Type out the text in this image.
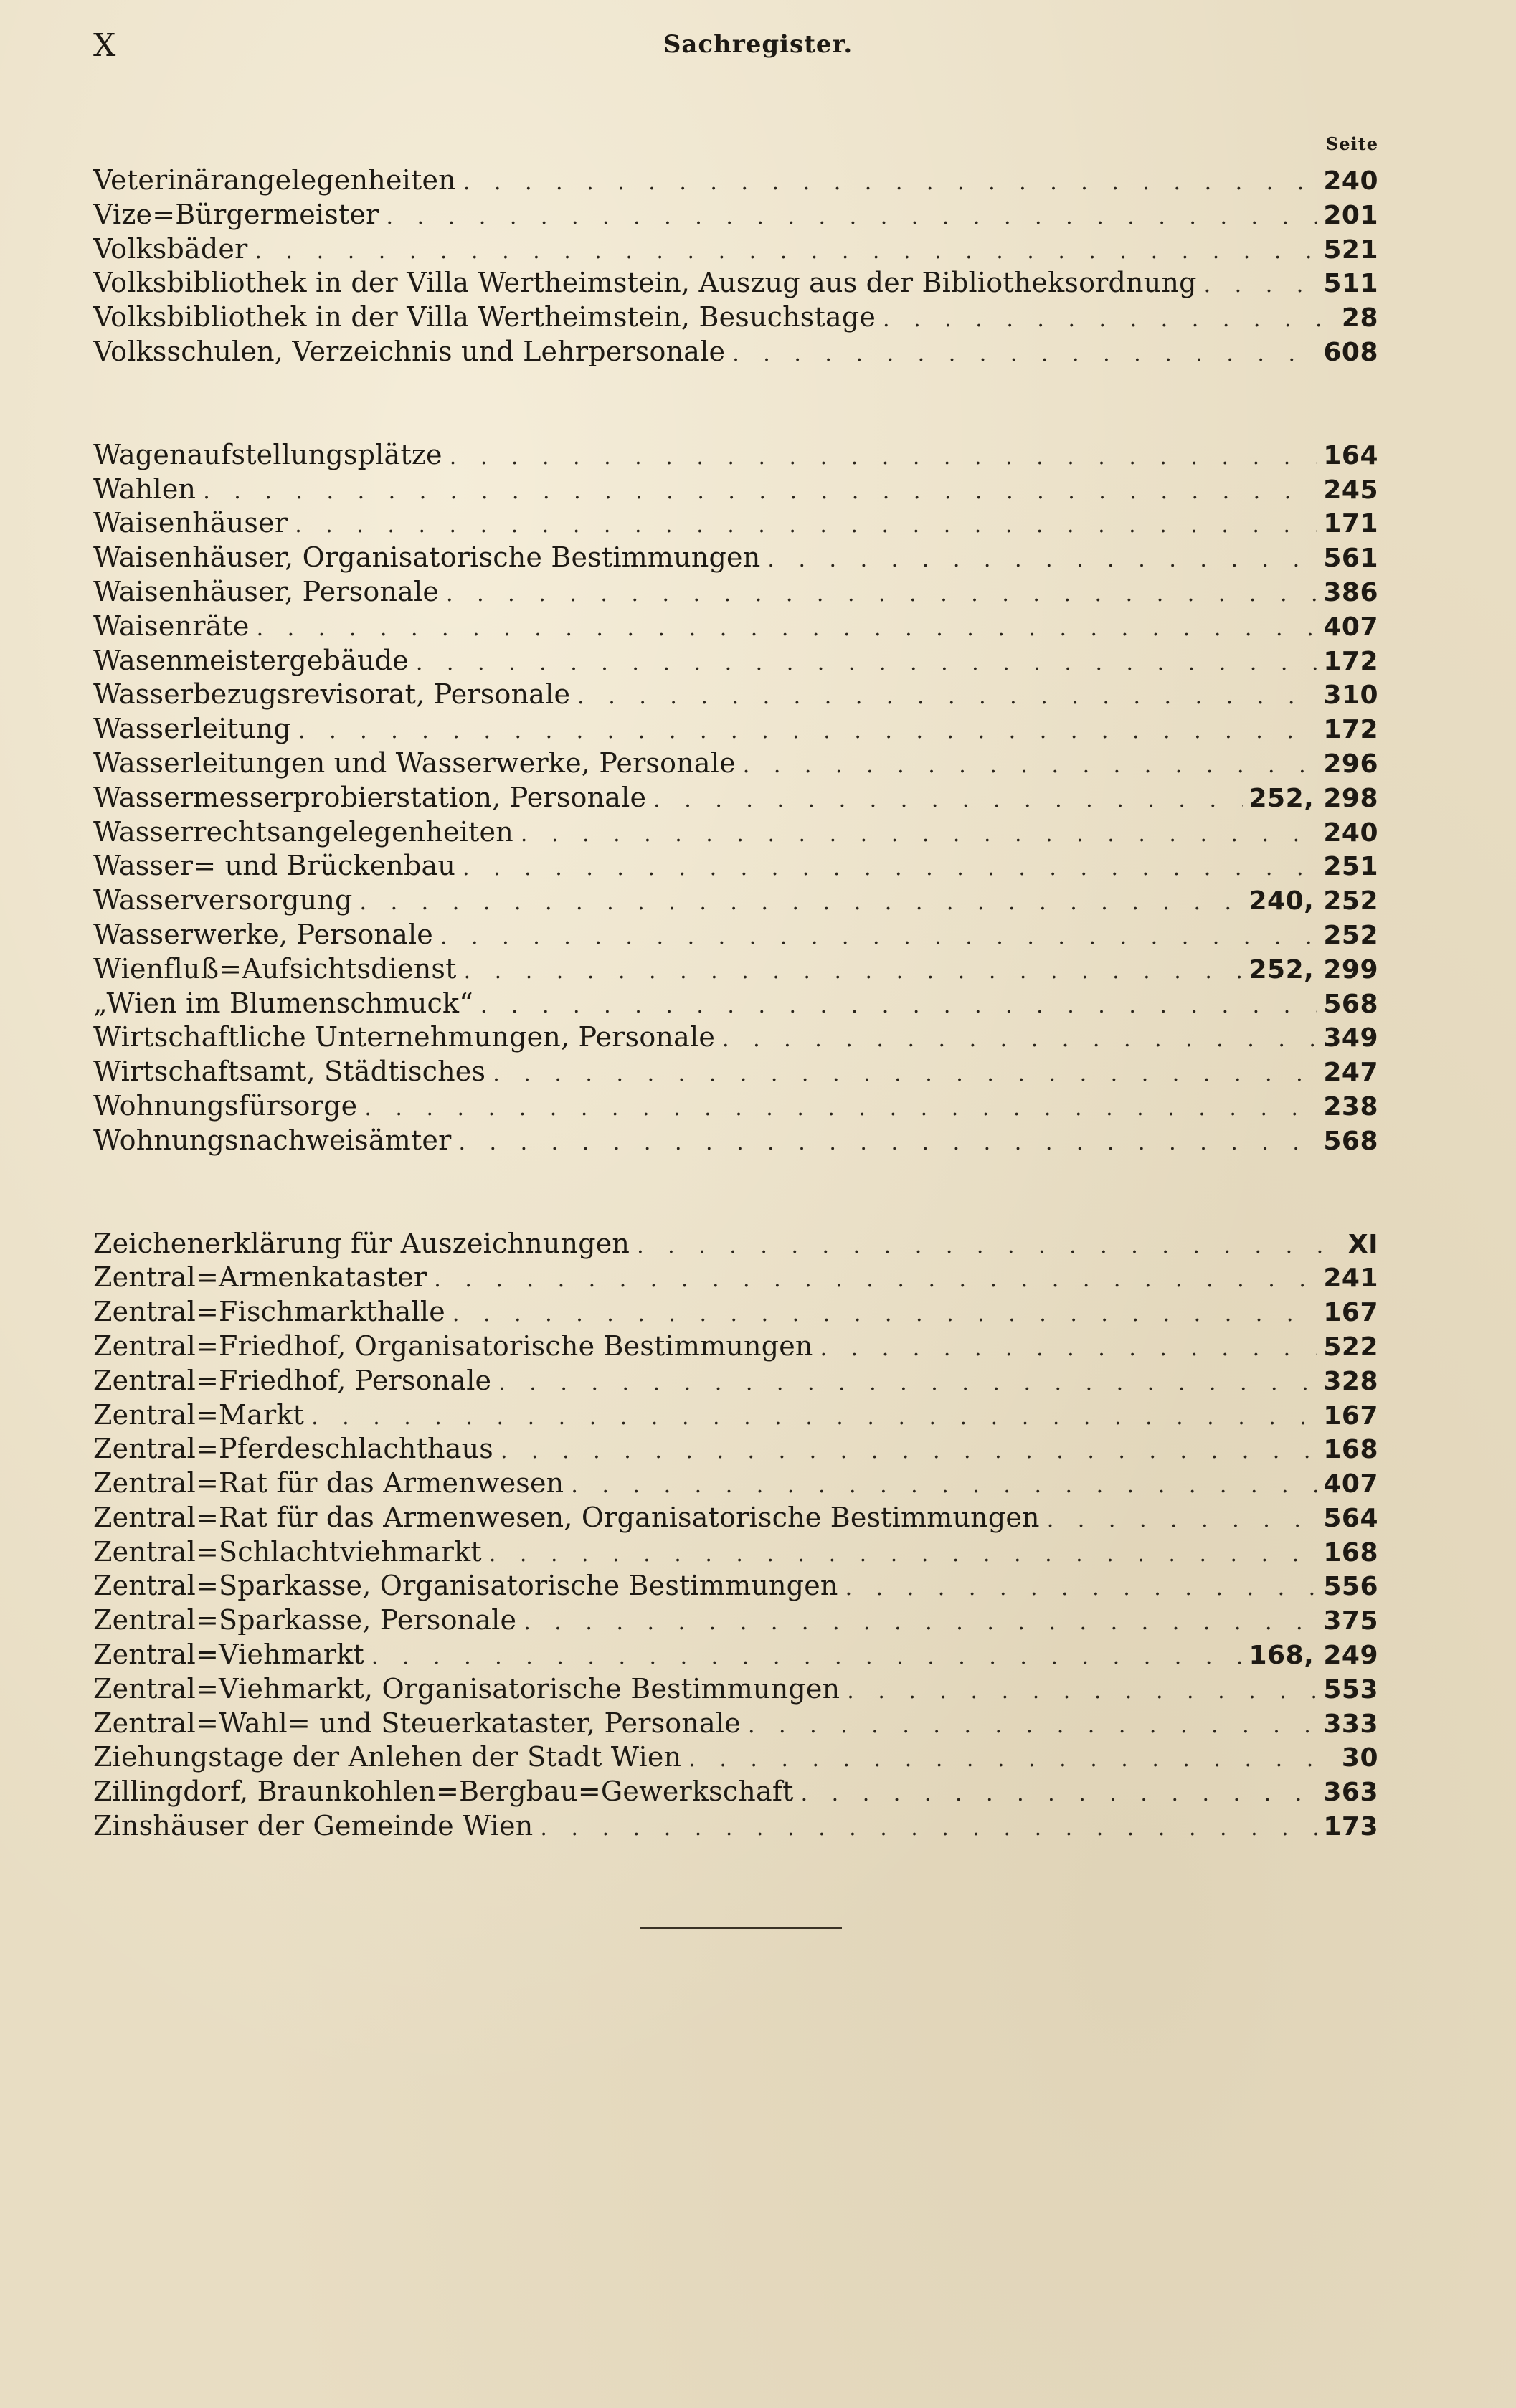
X	Sachregister.
Seite
Veterinärangelegenheiten . . .	240
Vize=Bürgermeister . . .	201
Volksbäder . . .	521
Volksbibliothek in der Villa Wertheimstein, Auszug aus der Bibliotheksordnung . . .	511
Volksbibliothek in der Villa Wertheimstein, Besuchstage . . .	28
Volksschulen, Verzeichnis und Lehrpersonale . . .	608
Wagenaufstellungsplätze . . .	164
Wahlen . . .	245
Waisenhäuser . . .	171
Waisenhäuser, Organisatorische Bestimmungen . . .	561
Waisenhäuser, Personale . . .	386
Waisenräte . . .	407
Wasenmeistergebäude . . .	172
Wasserbezugsrevisorat, Personale . . .	310
Wasserleitung . . .	172
Wasserleitungen und Wasserwerke, Personale . . .	296
Wassermesserprobierstation, Personale . . .	252, 298
Wasserrechtsangelegenheiten . . .	240
Wasser= und Brückenbau . . .	251
Wasserversorgung . . .	240, 252
Wasserwerke, Personale . . .	252
Wienfluß=Aufsichtsdienst . . .	252, 299
„Wien im Blumenschmuck“ . . .	568
Wirtschaftliche Unternehmungen, Personale . . .	349
Wirtschaftsamt, Städtisches . . .	247
Wohnungsfürsorge . . .	238
Wohnungsnachweisämter . . .	568
Zeichenerklärung für Auszeichnungen . . .	XI
Zentral=Armenkataster . . .	241
Zentral=Fischmarkthalle . . .	167
Zentral=Friedhof, Organisatorische Bestimmungen . . .	522
Zentral=Friedhof, Personale . . .	328
Zentral=Markt . . .	167
Zentral=Pferdeschlachthaus . . .	168
Zentral=Rat für das Armenwesen . . .	407
Zentral=Rat für das Armenwesen, Organisatorische Bestimmungen . . .	564
Zentral=Schlachtviehmarkt . . .	168
Zentral=Sparkasse, Organisatorische Bestimmungen . . .	556
Zentral=Sparkasse, Personale . . .	375
Zentral=Viehmarkt . . .	168, 249
Zentral=Viehmarkt, Organisatorische Bestimmungen . . .	553
Zentral=Wahl= und Steuerkataster, Personale . . .	333
Ziehungstage der Anlehen der Stadt Wien . . .	30
Zillingdorf, Braunkohlen=Bergbau=Gewerkschaft . . .	363
Zinshäuser der Gemeinde Wien . . .	173
